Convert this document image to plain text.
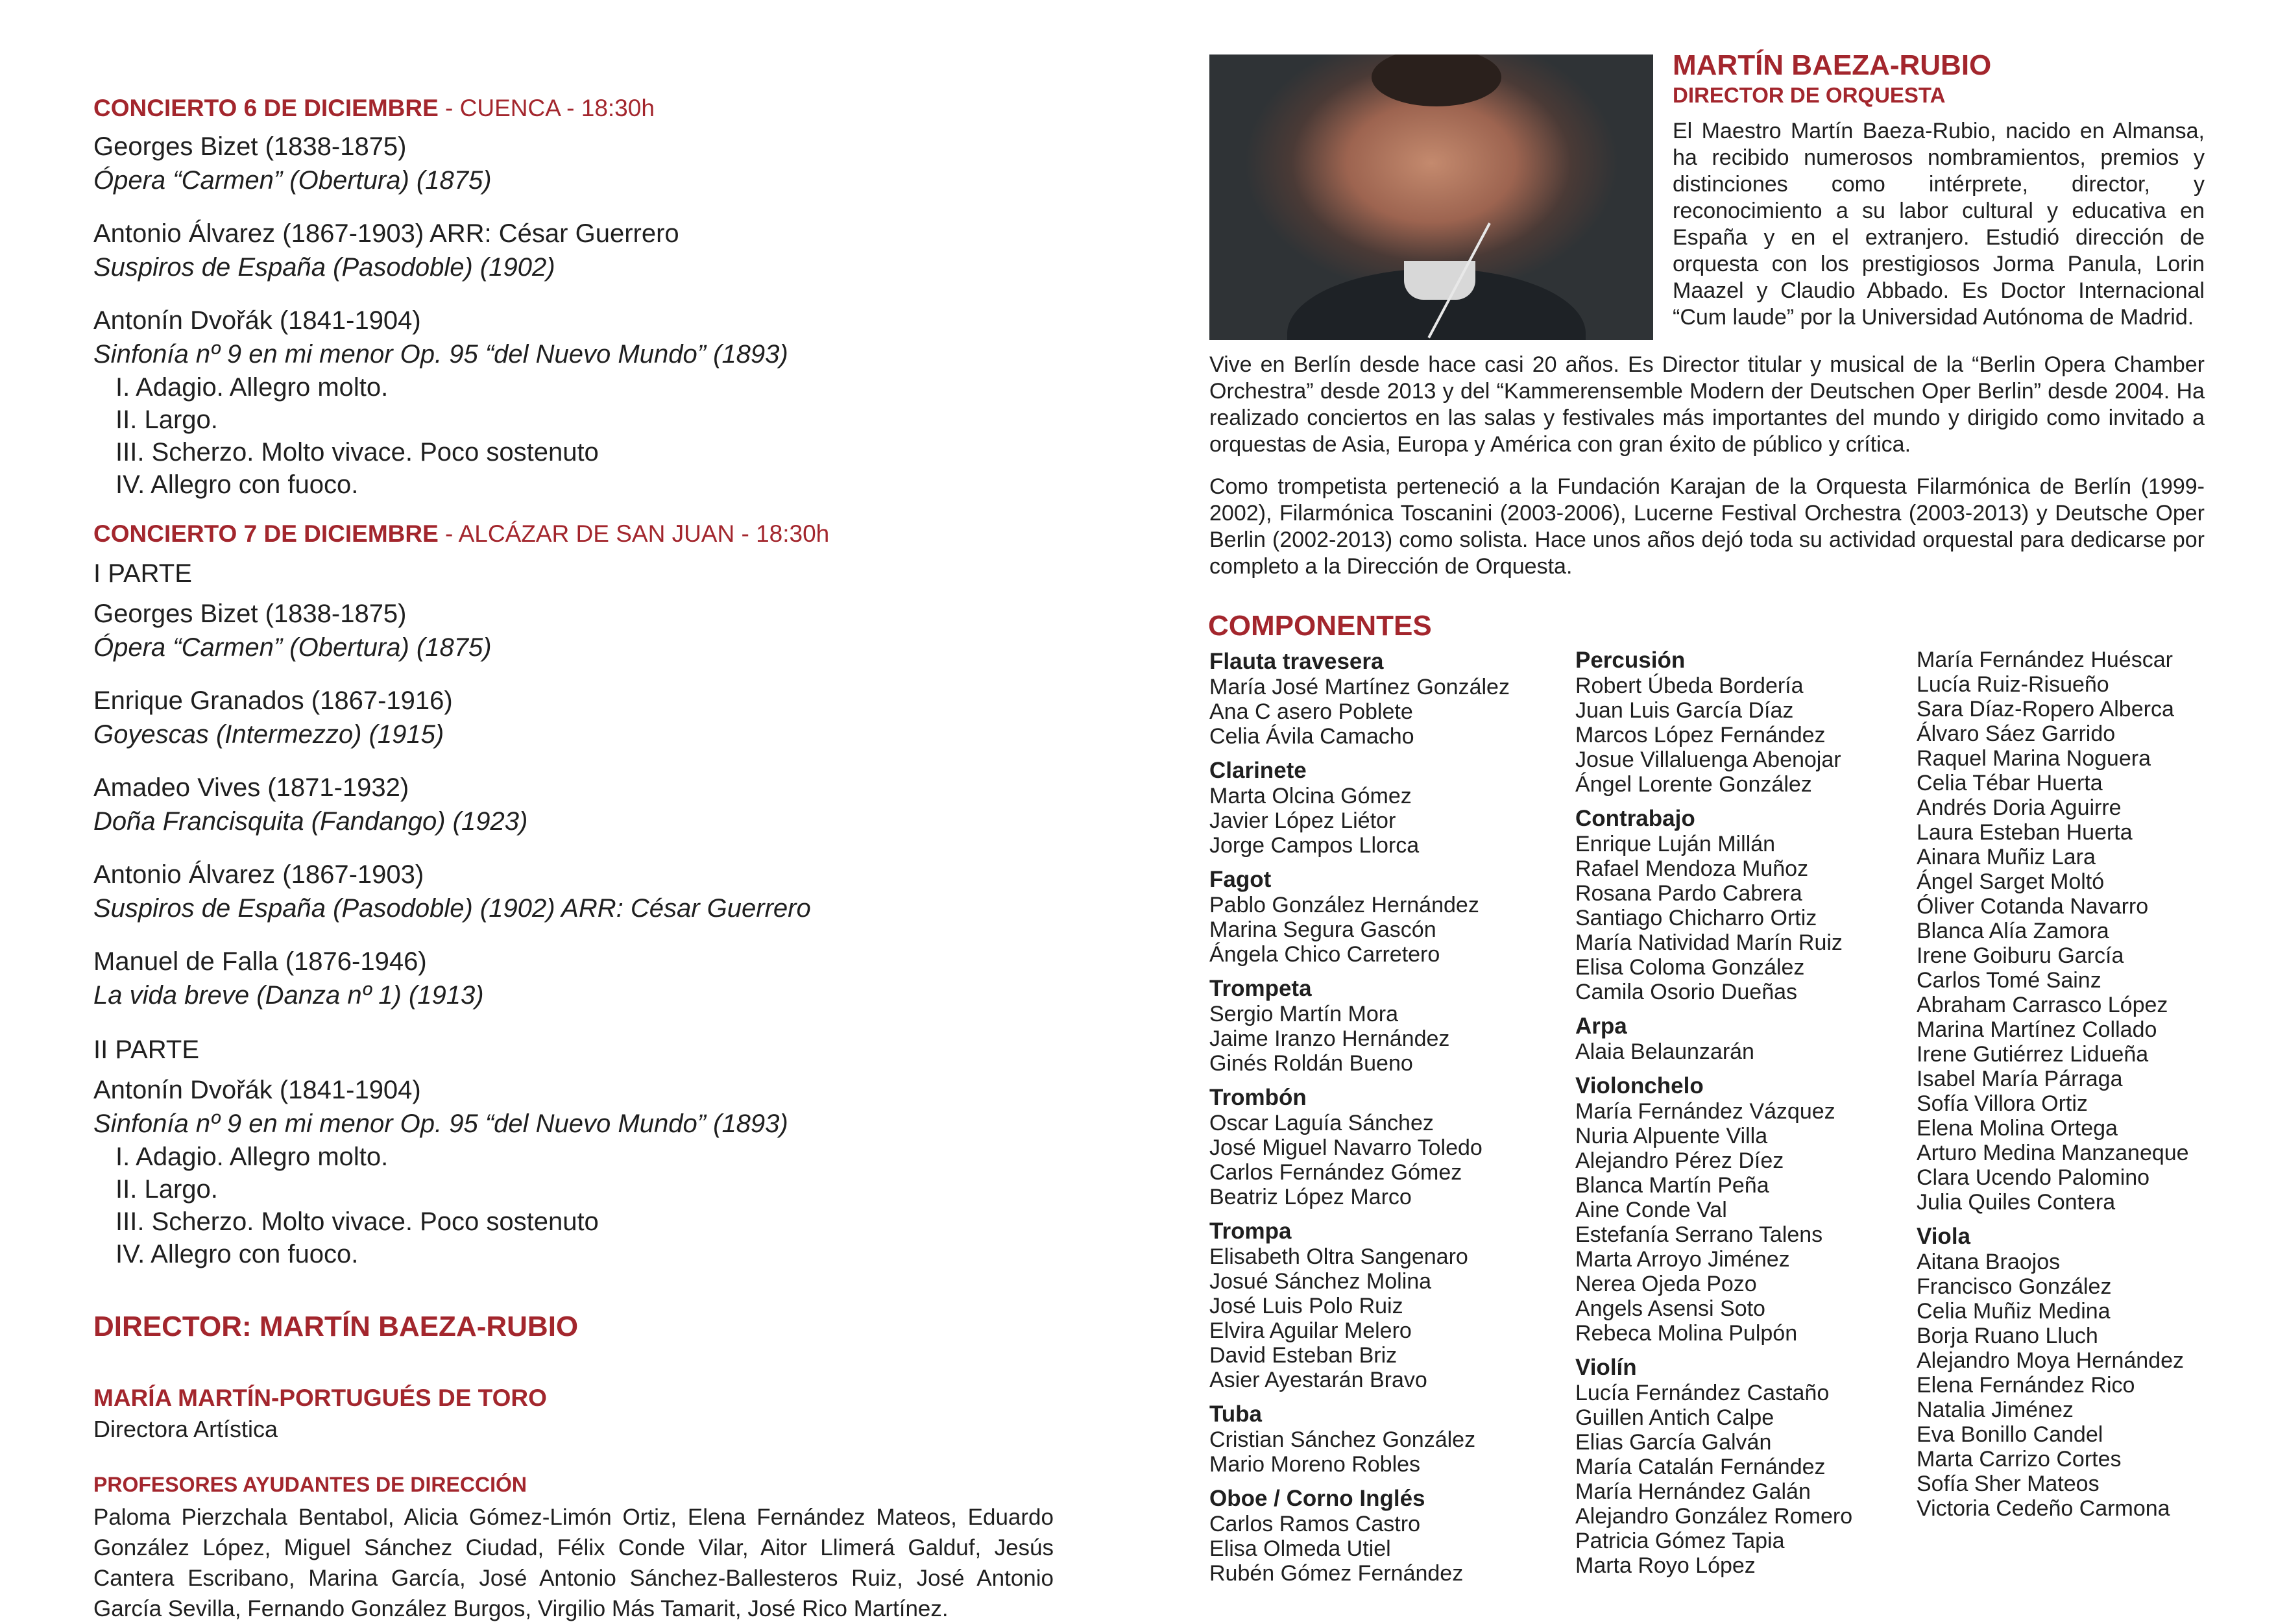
CONCIERTO 6 DE DICIEMBRE - CUENCA - 18:30h
Georges Bizet (1838-1875)
Ópera “Carmen” (Obertura) (1875)
Antonio Álvarez (1867-1903) ARR: César Guerrero
Suspiros de España (Pasodoble) (1902)
Antonín Dvořák (1841-1904)
Sinfonía nº 9 en mi menor Op. 95 “del Nuevo Mundo” (1893)
I. Adagio. Allegro molto.
II. Largo.
III. Scherzo. Molto vivace. Poco sostenuto
IV. Allegro con fuoco.
CONCIERTO 7 DE DICIEMBRE - ALCÁZAR DE SAN JUAN - 18:30h
I PARTE
Georges Bizet (1838-1875)
Ópera “Carmen” (Obertura) (1875)
Enrique Granados (1867-1916)
Goyescas (Intermezzo) (1915)
Amadeo Vives (1871-1932)
Doña Francisquita (Fandango) (1923)
Antonio Álvarez (1867-1903)
Suspiros de España (Pasodoble) (1902) ARR: César Guerrero
Manuel de Falla (1876-1946)
La vida breve (Danza nº 1) (1913)
II PARTE
Antonín Dvořák (1841-1904)
Sinfonía nº 9 en mi menor Op. 95 “del Nuevo Mundo” (1893)
I. Adagio. Allegro molto.
II. Largo.
III. Scherzo. Molto vivace. Poco sostenuto
IV. Allegro con fuoco.
DIRECTOR: MARTÍN BAEZA-RUBIO
MARÍA MARTÍN-PORTUGUÉS DE TORO
Directora Artística
PROFESORES AYUDANTES DE DIRECCIÓN
Paloma Pierzchala Bentabol, Alicia Gómez-Limón Ortiz, Elena Fernández Mateos, Eduardo González López, Miguel Sánchez Ciudad, Félix Conde Vilar, Aitor Llimerá Galduf, Jesús Cantera Escribano, Marina García, José Antonio Sánchez-Ballesteros Ruiz, José Antonio García Sevilla, Fernando González Burgos, Virgilio Más Tamarit, José Rico Martínez.
MARTÍN BAEZA-RUBIO
DIRECTOR DE ORQUESTA
El Maestro Martín Baeza-Rubio, nacido en Almansa, ha recibido numerosos nombramientos, premios y distinciones como intérprete, director, y reconocimiento a su labor cultural y educativa en España y en el extranjero. Estudió dirección de orquesta con los prestigiosos Jorma Panula, Lorin Maazel y Claudio Abbado. Es Doctor Internacional “Cum laude” por la Universidad Autónoma de Madrid.

Vive en Berlín desde hace casi 20 años. Es Director titular y musical de la “Berlin Opera Chamber Orchestra” desde 2013 y del “Kammerensemble Modern der Deutschen Oper Berlin” desde 2004. Ha realizado conciertos en las salas y festivales más importantes del mundo y dirigido como invitado a orquestas de Asia, Europa y América con gran éxito de público y crítica.

Como trompetista perteneció a la Fundación Karajan de la Orquesta Filarmónica de Berlín (1999-2002), Filarmónica Toscanini (2003-2006), Lucerne Festival Orchestra (2003-2013) y Deutsche Oper Berlin (2002-2013) como solista. Hace unos años dejó toda su actividad orquestal para dedicarse por completo a la Dirección de Orquesta.

COMPONENTES
Flauta travesera
María José Martínez González
Ana C asero Poblete
Celia Ávila Camacho
Clarinete
Marta Olcina Gómez
Javier López Liétor
Jorge Campos Llorca
Fagot
Pablo González Hernández
Marina Segura Gascón
Ángela Chico Carretero
Trompeta
Sergio Martín Mora
Jaime Iranzo Hernández
Ginés Roldán Bueno
Trombón
Oscar Laguía Sánchez
José Miguel Navarro Toledo
Carlos Fernández Gómez
Beatriz López Marco
Trompa
Elisabeth Oltra Sangenaro
Josué Sánchez Molina
José Luis Polo Ruiz
Elvira Aguilar Melero
David Esteban Briz
Asier Ayestarán Bravo
Tuba
Cristian Sánchez González
Mario Moreno Robles
Oboe / Corno Inglés
Carlos Ramos Castro
Elisa Olmeda Utiel
Rubén Gómez Fernández
Percusión
Robert Úbeda Bordería
Juan Luis García Díaz
Marcos López Fernández
Josue Villaluenga Abenojar
Ángel Lorente González
Contrabajo
Enrique Luján Millán
Rafael Mendoza Muñoz
Rosana Pardo Cabrera
Santiago Chicharro Ortiz
María Natividad Marín Ruiz
Elisa Coloma González
Camila Osorio Dueñas
Arpa
Alaia Belaunzarán
Violonchelo
María Fernández Vázquez
Nuria Alpuente Villa
Alejandro Pérez Díez
Blanca Martín Peña
Aine Conde Val
Estefanía Serrano Talens
Marta Arroyo Jiménez
Nerea Ojeda Pozo
Angels Asensi Soto
Rebeca Molina Pulpón
Violín
Lucía Fernández Castaño
Guillen Antich Calpe
Elias García Galván
María Catalán Fernández
María Hernández Galán
Alejandro González Romero
Patricia Gómez Tapia
Marta Royo López
María Fernández Huéscar
Lucía Ruiz-Risueño
Sara Díaz-Ropero Alberca
Álvaro Sáez Garrido
Raquel Marina Noguera
Celia Tébar Huerta
Andrés Doria Aguirre
Laura Esteban Huerta
Ainara Muñiz Lara
Ángel Sarget Moltó
Óliver Cotanda Navarro
Blanca Alía Zamora
Irene Goiburu García
Carlos Tomé Sainz
Abraham Carrasco López
Marina Martínez Collado
Irene Gutiérrez Lidueña
Isabel María Párraga
Sofía Villora Ortiz
Elena Molina Ortega
Arturo Medina Manzaneque
Clara Ucendo Palomino
Julia Quiles Contera
Viola
Aitana Braojos
Francisco González
Celia Muñiz Medina
Borja Ruano Lluch
Alejandro Moya Hernández
Elena Fernández Rico
Natalia Jiménez
Eva Bonillo Candel
Marta Carrizo Cortes
Sofía Sher Mateos
Victoria Cedeño Carmona
